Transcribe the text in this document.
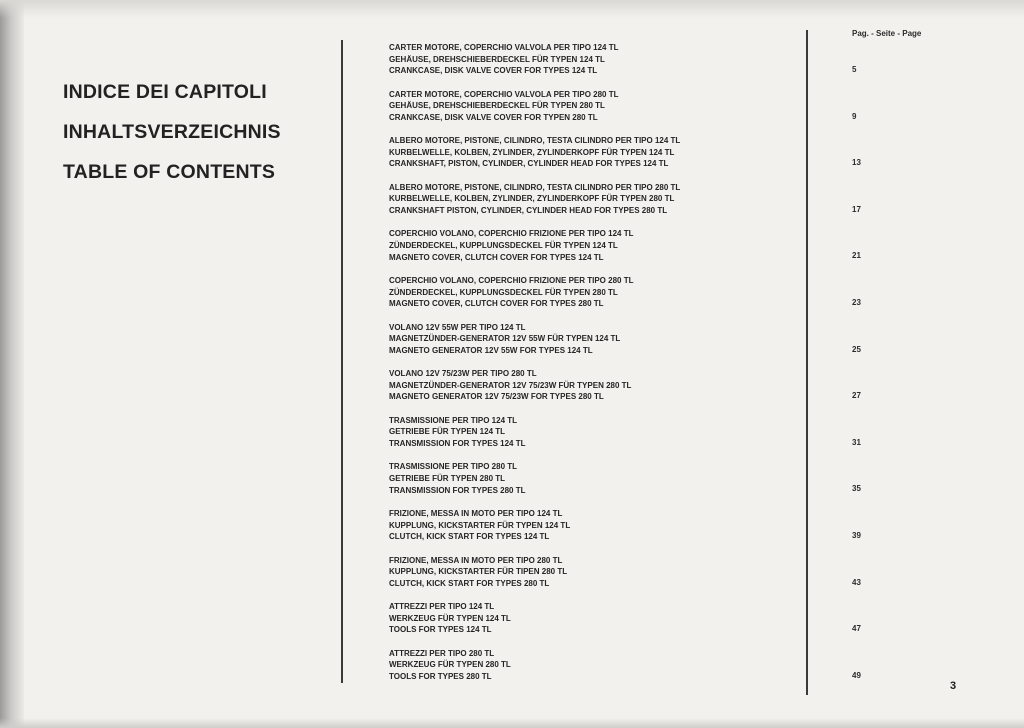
INDICE DEI CAPITOLI
INHALTSVERZEICHNIS
TABLE OF CONTENTS
Pag. - Seite - Page
CARTER MOTORE, COPERCHIO VALVOLA PER TIPO 124 TL
GEHÄUSE, DREHSCHIEBERDECKEL FÜR TYPEN 124 TL
CRANKCASE, DISK VALVE COVER FOR TYPES 124 TL
CARTER MOTORE, COPERCHIO VALVOLA PER TIPO 280 TL
GEHÄUSE, DREHSCHIEBERDECKEL FÜR TYPEN 280 TL
CRANKCASE, DISK VALVE COVER FOR TYPEN 280 TL
ALBERO MOTORE, PISTONE, CILINDRO, TESTA CILINDRO PER TIPO 124 TL
KURBELWELLE, KOLBEN, ZYLINDER, ZYLINDERKOPF FÜR TYPEN 124 TL
CRANKSHAFT, PISTON, CYLINDER, CYLINDER HEAD FOR TYPES 124 TL
ALBERO MOTORE, PISTONE, CILINDRO, TESTA CILINDRO PER TIPO 280 TL
KURBELWELLE, KOLBEN, ZYLINDER, ZYLINDERKOPF FÜR TYPEN 280 TL
CRANKSHAFT PISTON, CYLINDER, CYLINDER HEAD FOR TYPES 280 TL
COPERCHIO VOLANO, COPERCHIO FRIZIONE PER TIPO 124 TL
ZÜNDERDECKEL, KUPPLUNGSDECKEL FÜR TYPEN 124 TL
MAGNETO COVER, CLUTCH COVER FOR TYPES 124 TL
COPERCHIO VOLANO, COPERCHIO FRIZIONE PER TIPO 280 TL
ZÜNDERDECKEL, KUPPLUNGSDECKEL FÜR TYPEN 280 TL
MAGNETO COVER, CLUTCH COVER FOR TYPES 280 TL
VOLANO 12V 55W PER TIPO 124 TL
MAGNETZÜNDER-GENERATOR 12V 55W FÜR TYPEN 124 TL
MAGNETO GENERATOR 12V 55W FOR TYPES 124 TL
VOLANO 12V 75/23W PER TIPO 280 TL
MAGNETZÜNDER-GENERATOR 12V 75/23W FÜR TYPEN 280 TL
MAGNETO GENERATOR 12V 75/23W FOR TYPES 280 TL
TRASMISSIONE PER TIPO 124 TL
GETRIEBE FÜR TYPEN 124 TL
TRANSMISSION FOR TYPES 124 TL
TRASMISSIONE PER TIPO 280 TL
GETRIEBE FÜR TYPEN 280 TL
TRANSMISSION FOR TYPES 280 TL
FRIZIONE, MESSA IN MOTO PER TIPO 124 TL
KUPPLUNG, KICKSTARTER FÜR TYPEN 124 TL
CLUTCH, KICK START FOR TYPES 124 TL
FRIZIONE, MESSA IN MOTO PER TIPO 280 TL
KUPPLUNG, KICKSTARTER FÜR TIPEN 280 TL
CLUTCH, KICK START FOR TYPES 280 TL
ATTREZZI PER TIPO 124 TL
WERKZEUG FÜR TYPEN 124 TL
TOOLS FOR TYPES 124 TL
ATTREZZI PER TIPO 280 TL
WERKZEUG FÜR TYPEN 280 TL
TOOLS FOR TYPES 280 TL
5
9
13
17
21
23
25
27
31
35
39
43
47
49
3
